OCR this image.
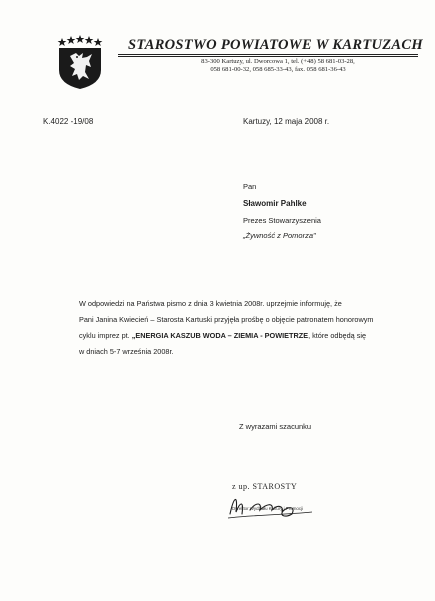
STAROSTWO POWIATOWE W KARTUZACH
83-300 Kartuzy, ul. Dworcowa 1, tel. (+48) 58 681-03-28,
058 681-00-32, 058 685-33-43, fax. 058 681-36-43
K.4022 -19/08	Kartuzy, 12 maja 2008 r.
Pan
Sławomir Pahlke
Prezes Stowarzyszenia
„Żywność z Pomorza"
W odpowiedzi na Państwa pismo z dnia 3 kwietnia 2008r. uprzejmie informuję, że
Pani Janina Kwiecień – Starosta Kartuski przyjęła prośbę o objęcie patronatem honorowym
cyklu imprez pt. „ENERGIA KASZUB WODA – ZIEMIA - POWIETRZE, które odbędą się
w dniach 5-7 września 2008r.
Z wyrazami szacunku
z up. STAROSTY
Dyrektor Wydziału Kultury i Promocji
